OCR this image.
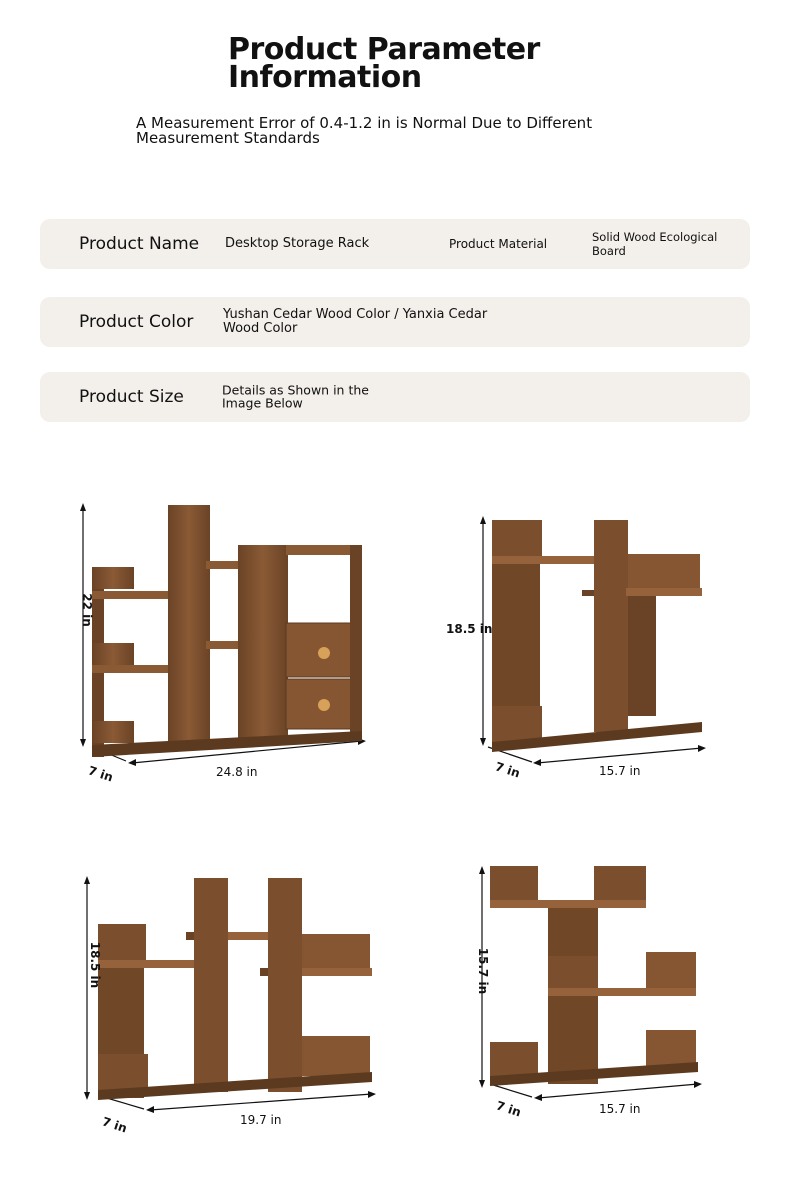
Product Parameter Information

A Measurement Error of 0.4-1.2 in is Normal Due to Different Measurement Standards

Product Name Desktop Storage Rack	Product Material	Solid Wood Ecological Board
Product Color Yushan Cedar Wood Color / Yanxia Cedar Wood Color
Product Size	Details as Shown in the Image Below
22 in
7 in	24.8 in
18.5 in
7 in	15.7 in
18.5 in
7 in	19.7 in
15.7 in
7 in	15.7 in
